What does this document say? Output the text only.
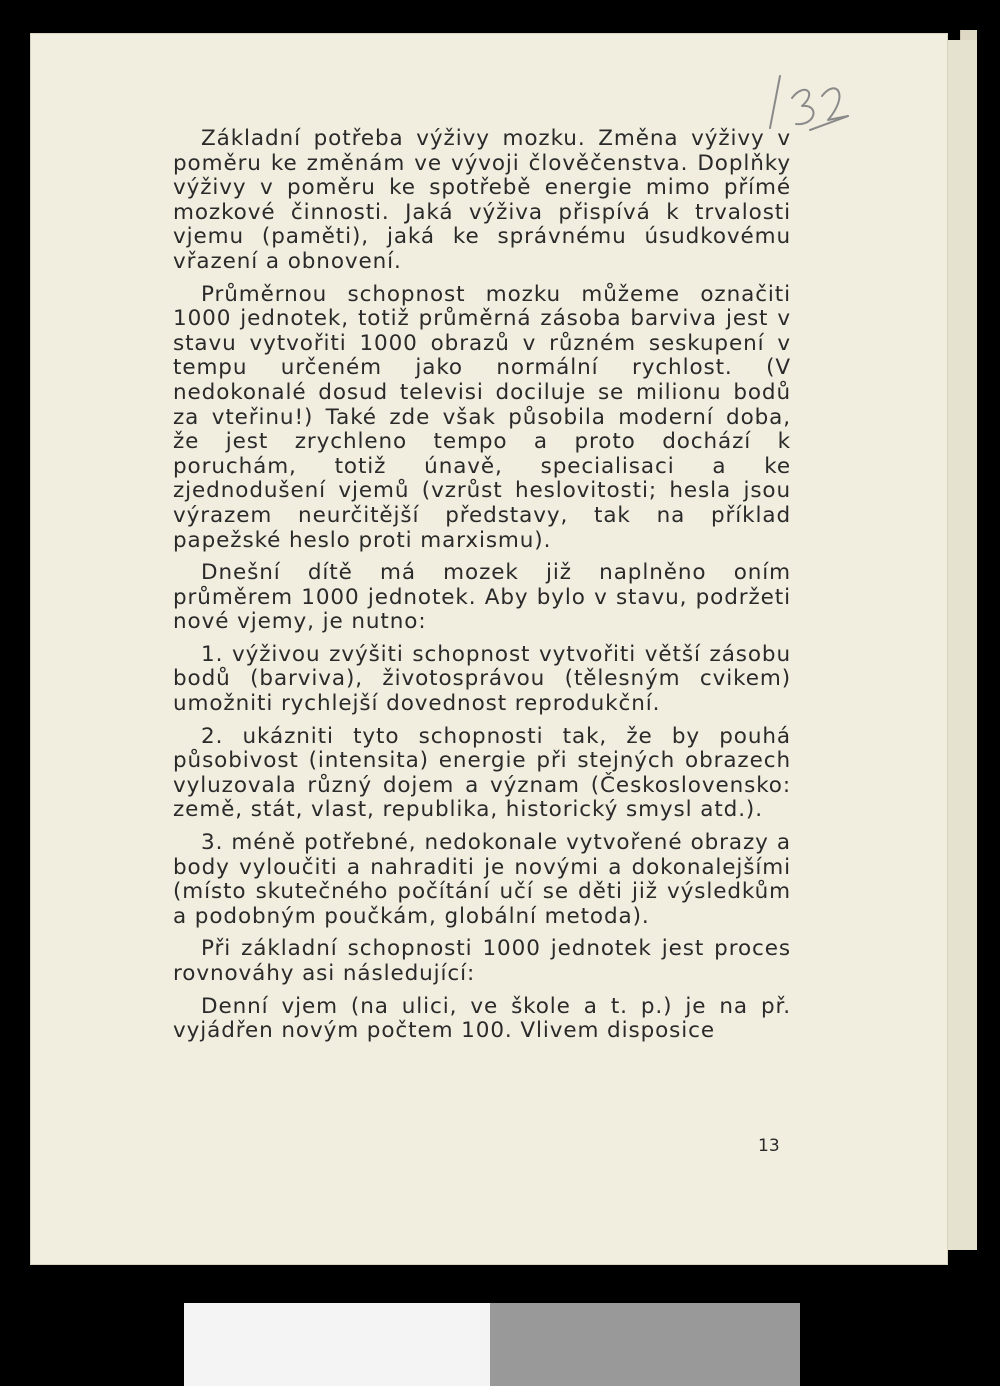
Základní potřeba výživy mozku. Změna výživy v poměru ke změnám ve vývoji člověčenstva. Doplňky výživy v poměru ke spotřebě energie mimo přímé mozkové činnosti. Jaká výživa přispívá k trvalosti vjemu (paměti), jaká ke správnému úsudkovému vřazení a obnovení.

Průměrnou schopnost mozku můžeme označiti 1000 jednotek, totiž průměrná zásoba barviva jest v stavu vytvořiti 1000 obrazů v různém seskupení v tempu určeném jako normální rychlost. (V nedokonalé dosud televisi dociluje se milionu bodů za vteřinu!) Také zde však působila moderní doba, že jest zrychleno tempo a proto dochází k poruchám, totiž únavě, specialisaci a ke zjednodušení vjemů (vzrůst heslovitosti; hesla jsou výrazem neurčitější představy, tak na příklad papežské heslo proti marxismu).

Dnešní dítě má mozek již naplněno oním průměrem 1000 jednotek. Aby bylo v stavu, podržeti nové vjemy, je nutno:

1. výživou zvýšiti schopnost vytvořiti větší zásobu bodů (barviva), životosprávou (tělesným cvikem) umožniti rychlejší dovednost reprodukční.

2. ukázniti tyto schopnosti tak, že by pouhá působivost (intensita) energie při stejných obrazech vyluzovala různý dojem a význam (Československo: země, stát, vlast, republika, historický smysl atd.).

3. méně potřebné, nedokonale vytvořené obrazy a body vyloučiti a nahraditi je novými a dokonalejšími (místo skutečného počítání učí se děti již výsledkům a podobným poučkám, globální metoda).

Při základní schopnosti 1000 jednotek jest proces rovnováhy asi následující:

Denní vjem (na ulici, ve škole a t. p.) je na př. vyjádřen novým počtem 100. Vlivem disposice

13
